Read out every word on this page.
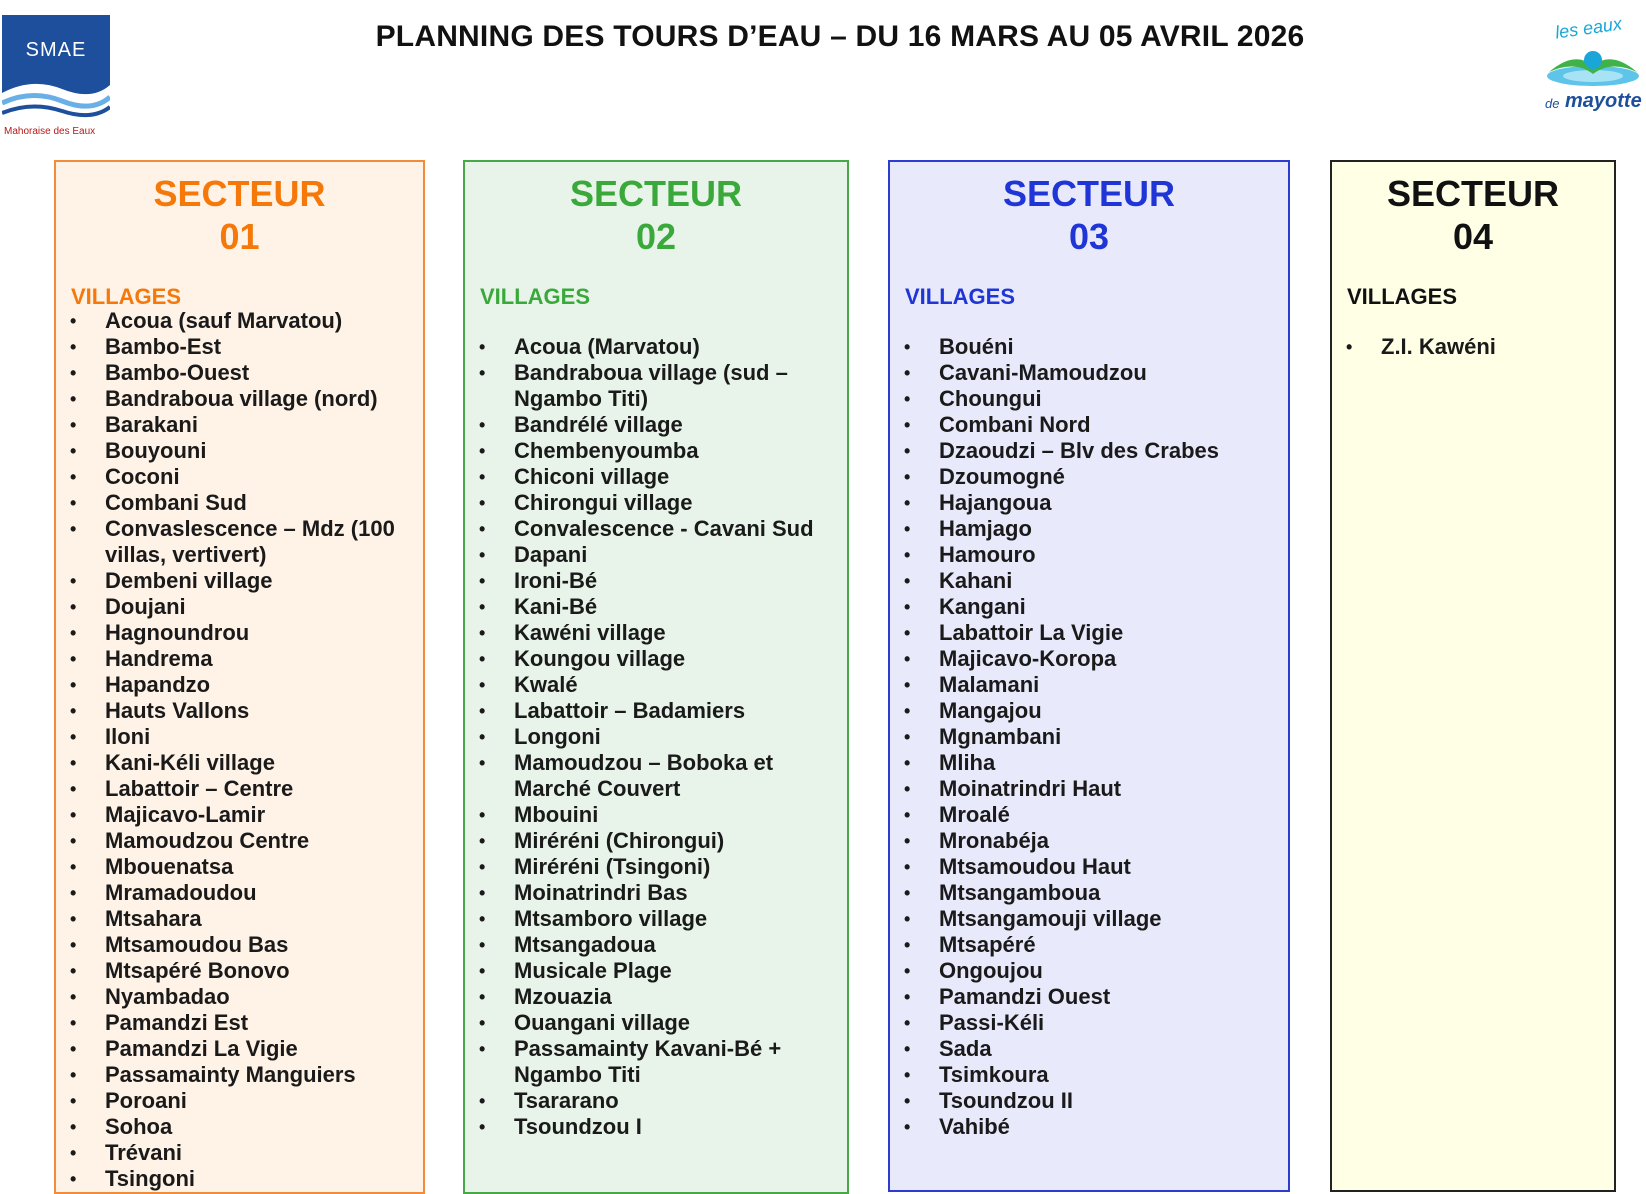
SMAE
Mahoraise des Eaux
PLANNING DES TOURS D’EAU – DU 16 MARS AU 05 AVRIL 2026	les eaux
de mayotte
SECTEUR
01
VILLAGES
• Acoua (sauf Marvatou)
• Bambo-Est
• Bambo-Ouest
• Bandraboua village (nord)
• Barakani
• Bouyouni
• Coconi
• Combani Sud
• Convaslescence – Mdz (100 villas, vertivert)
• Dembeni village
• Doujani
• Hagnoundrou
• Handrema
• Hapandzo
• Hauts Vallons
• Iloni
• Kani-Kéli village
• Labattoir – Centre
• Majicavo-Lamir
• Mamoudzou Centre
• Mbouenatsa
• Mramadoudou
• Mtsahara
• Mtsamoudou Bas
• Mtsapéré Bonovo
• Nyambadao
• Pamandzi Est
• Pamandzi La Vigie
• Passamainty Manguiers
• Poroani
• Sohoa
• Trévani
• Tsingoni
SECTEUR
02
VILLAGES
• Acoua (Marvatou)
• Bandraboua village (sud – Ngambo Titi)
• Bandrélé village
• Chembenyoumba
• Chiconi village
• Chirongui village
• Convalescence - Cavani Sud
• Dapani
• Ironi-Bé
• Kani-Bé
• Kawéni village
• Koungou village
• Kwalé
• Labattoir – Badamiers
• Longoni
• Mamoudzou – Boboka et Marché Couvert
• Mbouini
• Miréréni (Chirongui)
• Miréréni (Tsingoni)
• Moinatrindri Bas
• Mtsamboro village
• Mtsangadoua
• Musicale Plage
• Mzouazia
• Ouangani village
• Passamainty Kavani-Bé + Ngambo Titi
• Tsararano
• Tsoundzou I
SECTEUR
03
VILLAGES
• Bouéni
• Cavani-Mamoudzou
• Choungui
• Combani Nord
• Dzaoudzi – Blv des Crabes
• Dzoumogné
• Hajangoua
• Hamjago
• Hamouro
• Kahani
• Kangani
• Labattoir La Vigie
• Majicavo-Koropa
• Malamani
• Mangajou
• Mgnambani
• Mliha
• Moinatrindri Haut
• Mroalé
• Mronabéja
• Mtsamoudou Haut
• Mtsangamboua
• Mtsangamouji village
• Mtsapéré
• Ongoujou
• Pamandzi Ouest
• Passi-Kéli
• Sada
• Tsimkoura
• Tsoundzou II
• Vahibé
SECTEUR
04
VILLAGES
• Z.I. Kawéni
